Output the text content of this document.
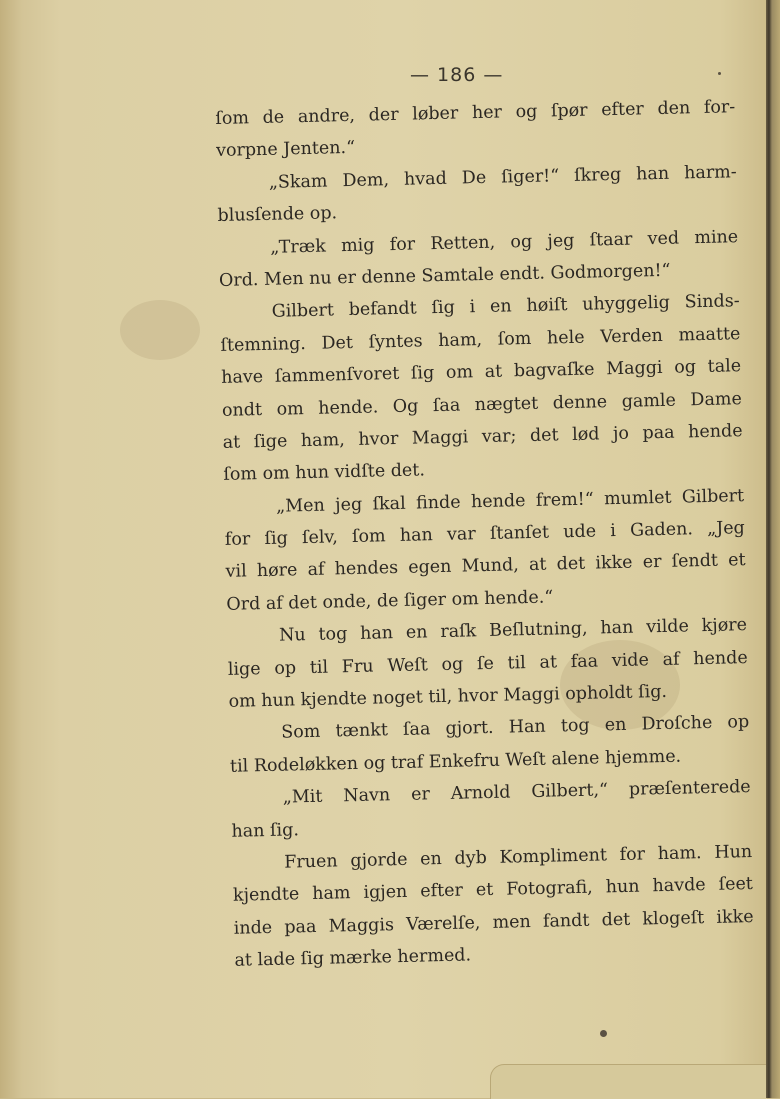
— 186 —
ſom de andre, der løber her og ſpør efter den for-
vorpne Jenten.“
„Skam Dem, hvad De ſiger!“ ſkreg han harm-
blusſende op.
„Træk mig for Retten, og jeg ſtaar ved mine
Ord. Men nu er denne Samtale endt. Godmorgen!“
Gilbert befandt ſig i en høiſt uhyggelig Sinds-
ſtemning. Det ſyntes ham, ſom hele Verden maatte
have ſammenſvoret ſig om at bagvaſke Maggi og tale
ondt om hende. Og ſaa nægtet denne gamle Dame
at ſige ham, hvor Maggi var; det lød jo paa hende
ſom om hun vidſte det.
„Men jeg ſkal finde hende frem!“ mumlet Gilbert
for ſig ſelv, ſom han var ſtanſet ude i Gaden. „Jeg
vil høre af hendes egen Mund, at det ikke er ſendt et
Ord af det onde, de ſiger om hende.“
Nu tog han en raſk Beſlutning, han vilde kjøre
lige op til Fru Weſt og ſe til at faa vide af hende
om hun kjendte noget til, hvor Maggi opholdt ſig.
Som tænkt ſaa gjort. Han tog en Droſche op
til Rodeløkken og traf Enkefru Weſt alene hjemme.
„Mit Navn er Arnold Gilbert,“ præſenterede
han ſig.
Fruen gjorde en dyb Kompliment for ham. Hun
kjendte ham igjen efter et Fotografi, hun havde ſeet
inde paa Maggis Værelſe, men fandt det klogeſt ikke
at lade ſig mærke hermed.
